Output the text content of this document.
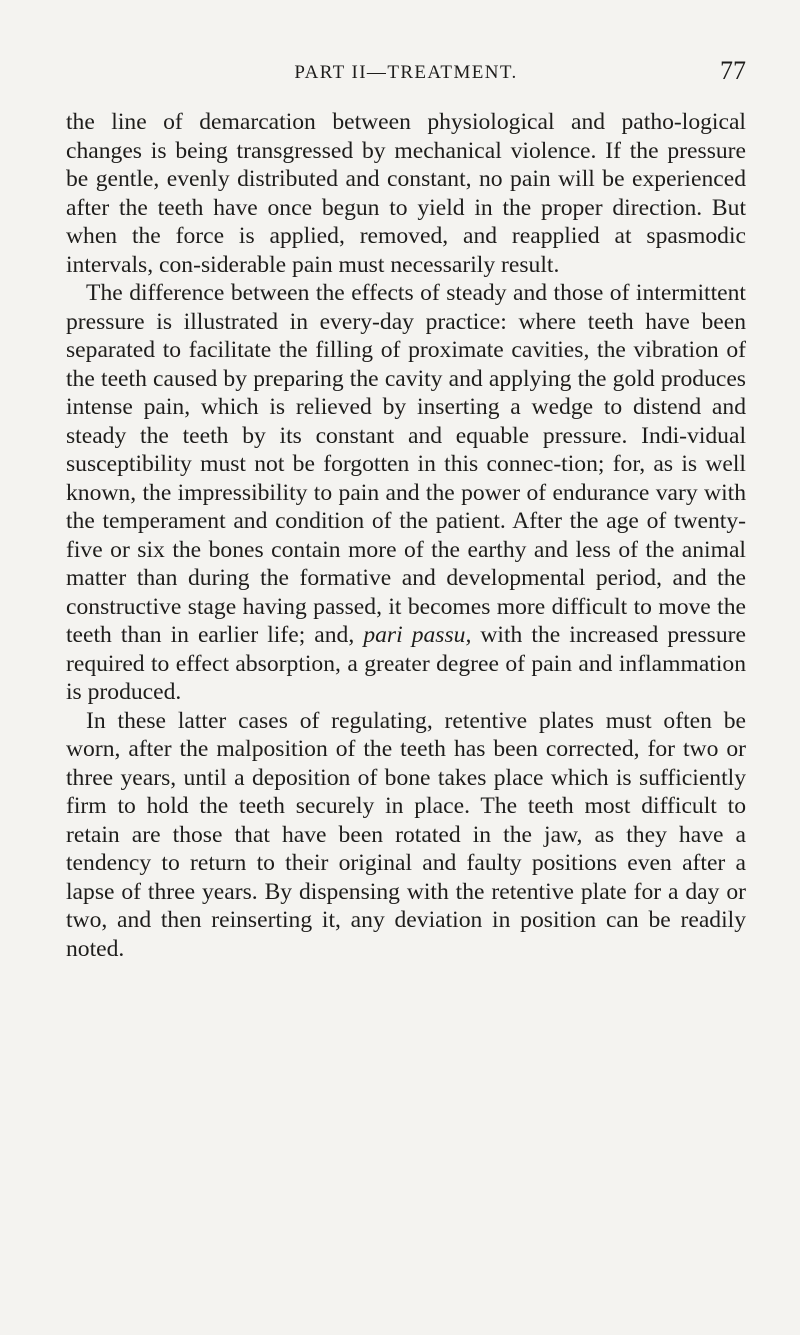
PART II—TREATMENT.	77

the line of demarcation between physiological and patho-logical changes is being transgressed by mechanical violence. If the pressure be gentle, evenly distributed and constant, no pain will be experienced after the teeth have once begun to yield in the proper direction. But when the force is applied, removed, and reapplied at spasmodic intervals, con-siderable pain must necessarily result.

The difference between the effects of steady and those of intermittent pressure is illustrated in every-day practice: where teeth have been separated to facilitate the filling of proximate cavities, the vibration of the teeth caused by preparing the cavity and applying the gold produces intense pain, which is relieved by inserting a wedge to distend and steady the teeth by its constant and equable pressure. Indi-vidual susceptibility must not be forgotten in this connec-tion; for, as is well known, the impressibility to pain and the power of endurance vary with the temperament and condition of the patient. After the age of twenty-five or six the bones contain more of the earthy and less of the animal matter than during the formative and developmental period, and the constructive stage having passed, it becomes more difficult to move the teeth than in earlier life; and, pari passu, with the increased pressure required to effect absorption, a greater degree of pain and inflammation is produced.

In these latter cases of regulating, retentive plates must often be worn, after the malposition of the teeth has been corrected, for two or three years, until a deposition of bone takes place which is sufficiently firm to hold the teeth securely in place. The teeth most difficult to retain are those that have been rotated in the jaw, as they have a tendency to return to their original and faulty positions even after a lapse of three years. By dispensing with the retentive plate for a day or two, and then reinserting it, any deviation in position can be readily noted.
